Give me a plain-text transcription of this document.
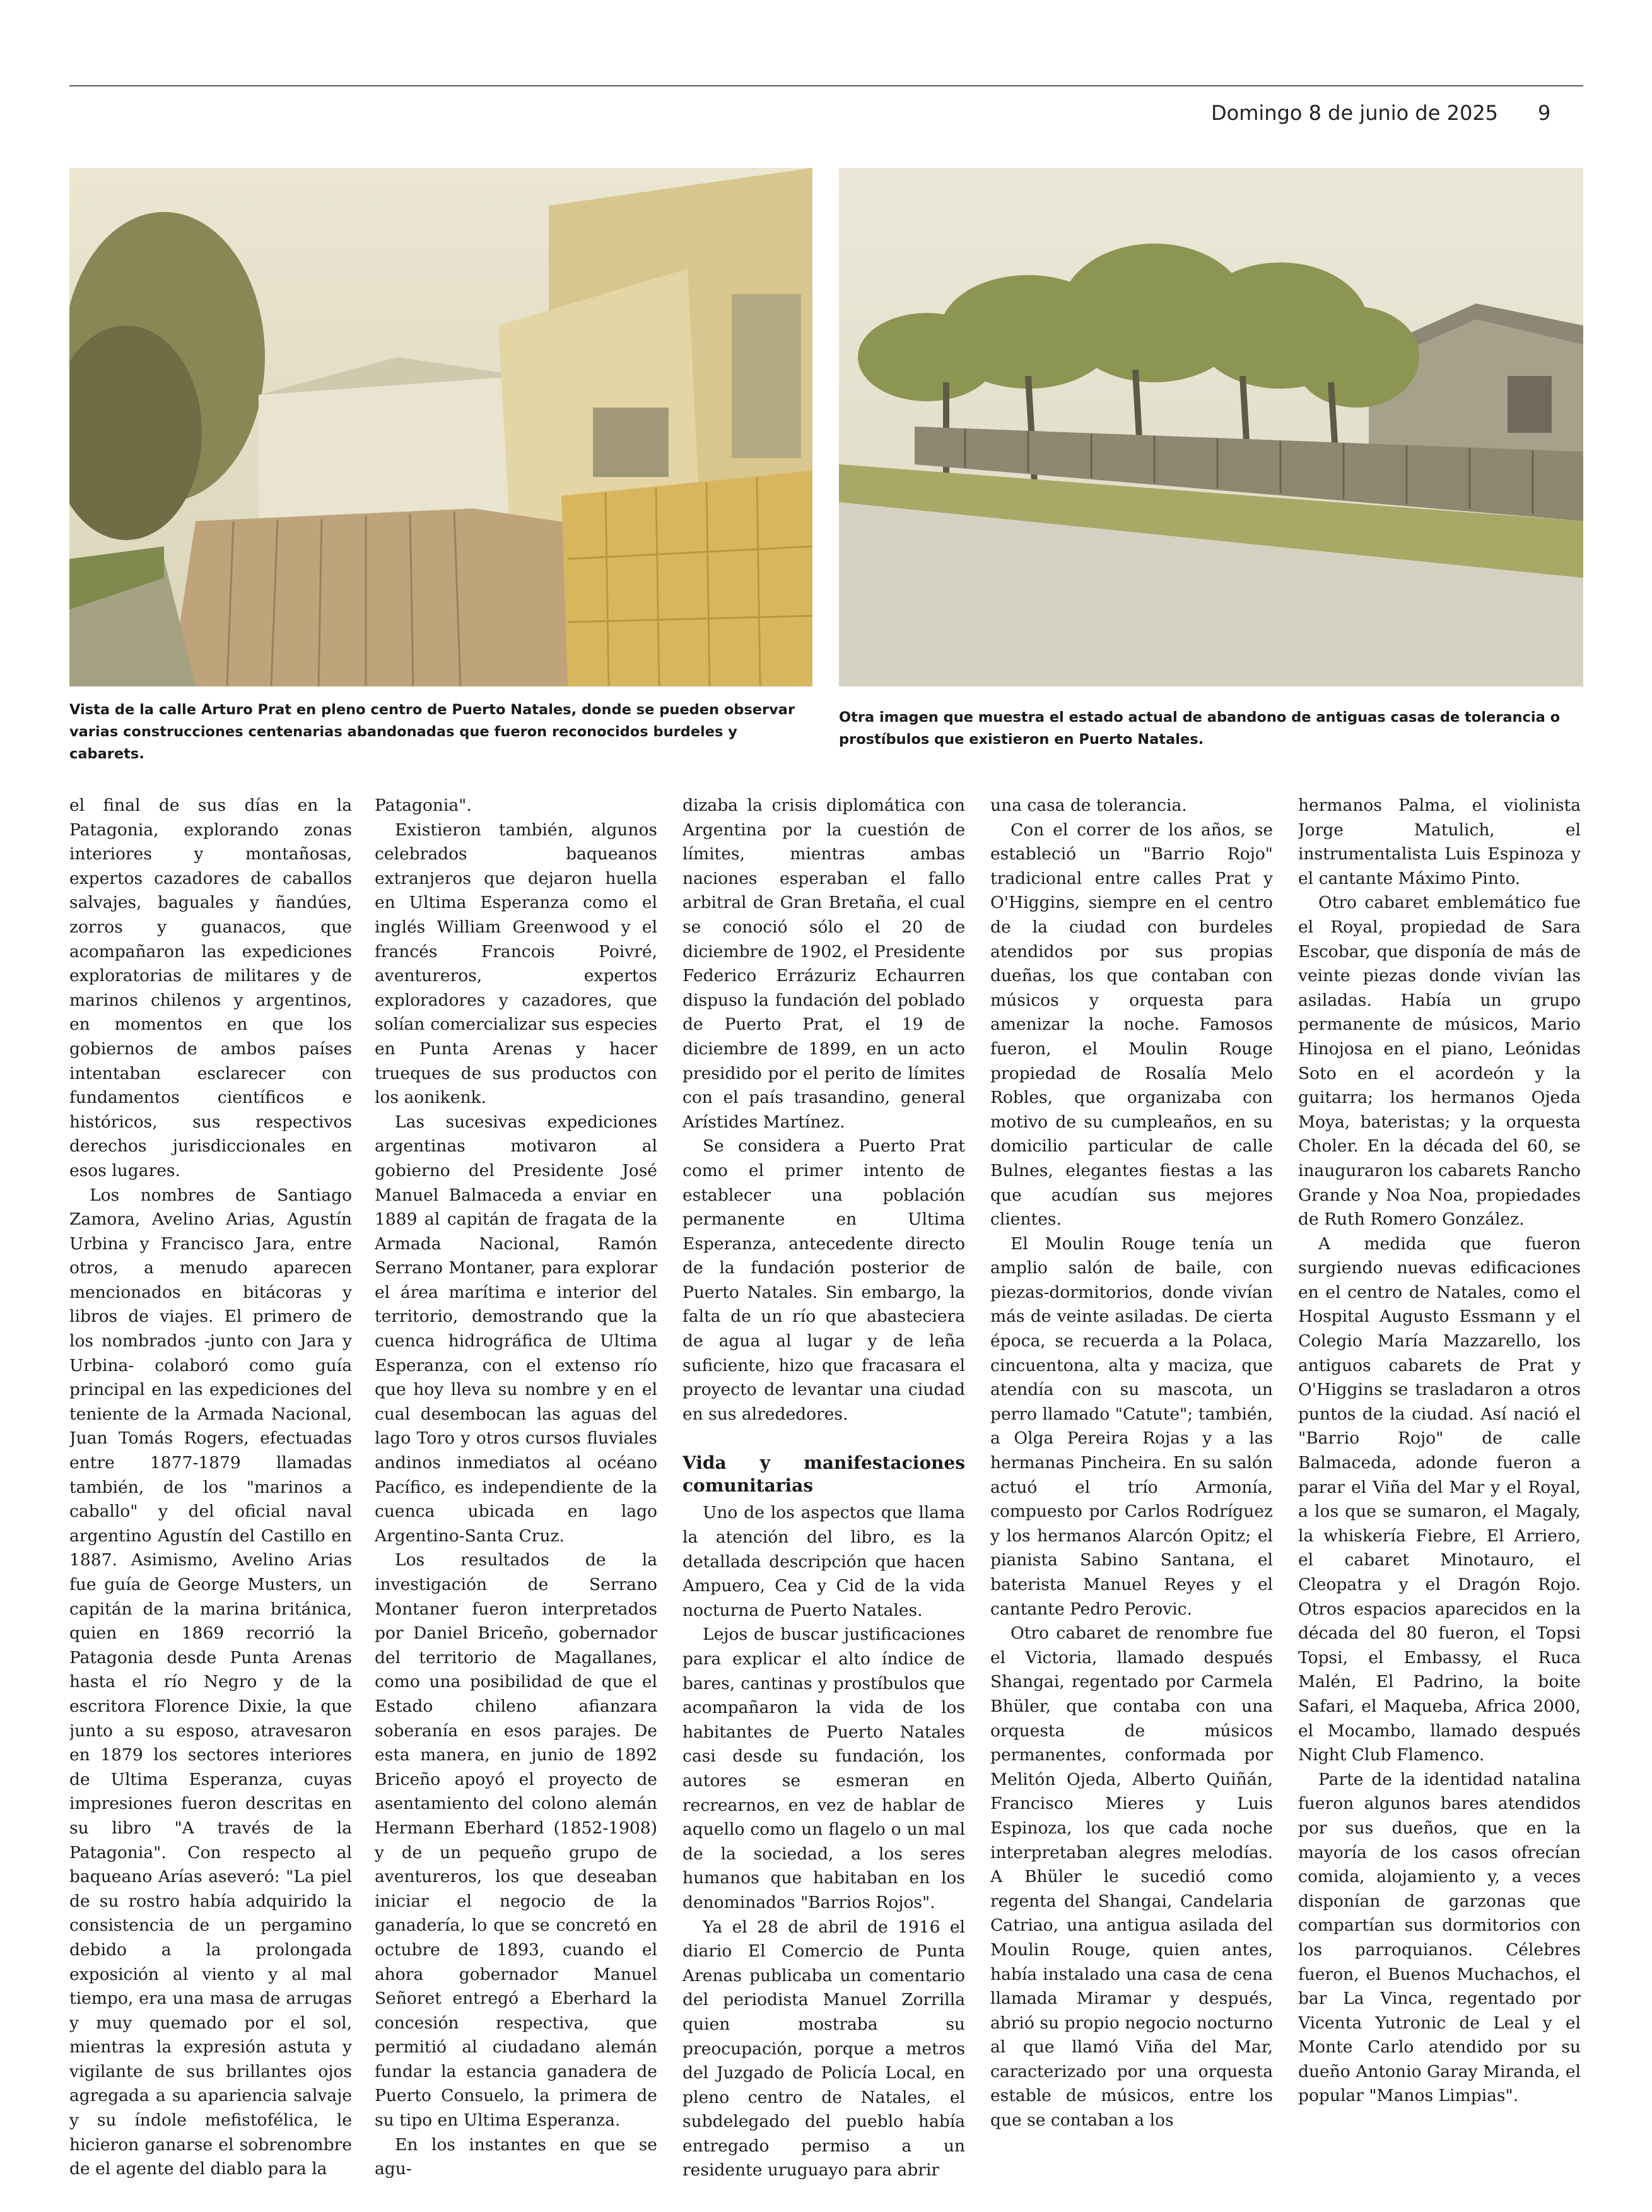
Domingo 8 de junio de 2025 9
Vista de la calle Arturo Prat en pleno centro de Puerto Natales, donde se pueden observar varias construcciones centenarias abandonadas que fueron reconocidos burdeles y cabarets.
Otra imagen que muestra el estado actual de abandono de antiguas casas de tolerancia o prostíbulos que existieron en Puerto Natales.

el final de sus días en la Patagonia, explorando zonas interiores y montañosas, expertos cazadores de caballos salvajes, baguales y ñandúes, zorros y guanacos, que acompañaron las expediciones exploratorias de militares y de marinos chilenos y argentinos, en momentos en que los gobiernos de ambos países intentaban esclarecer con fundamentos científicos e históricos, sus respectivos derechos jurisdiccionales en esos lugares.

Los nombres de Santiago Zamora, Avelino Arias, Agustín Urbina y Francisco Jara, entre otros, a menudo aparecen mencionados en bitácoras y libros de viajes. El primero de los nombrados -junto con Jara y Urbina- colaboró como guía principal en las expediciones del teniente de la Armada Nacional, Juan Tomás Rogers, efectuadas entre 1877-1879 llamadas también, de los "marinos a caballo" y del oficial naval argentino Agustín del Castillo en 1887. Asimismo, Avelino Arias fue guía de George Musters, un capitán de la marina británica, quien en 1869 recorrió la Patagonia desde Punta Arenas hasta el río Negro y de la escritora Florence Dixie, la que junto a su esposo, atravesaron en 1879 los sectores interiores de Ultima Esperanza, cuyas impresiones fueron descritas en su libro "A través de la Patagonia". Con respecto al baqueano Arías aseveró: "La piel de su rostro había adquirido la consistencia de un pergamino debido a la prolongada exposición al viento y al mal tiempo, era una masa de arrugas y muy quemado por el sol, mientras la expresión astuta y vigilante de sus brillantes ojos agregada a su apariencia salvaje y su índole mefistofélica, le hicieron ganarse el sobrenombre de el agente del diablo para la

Patagonia".

Existieron también, algunos celebrados baqueanos extranjeros que dejaron huella en Ultima Esperanza como el inglés William Greenwood y el francés Francois Poivré, aventureros, expertos exploradores y cazadores, que solían comercializar sus especies en Punta Arenas y hacer trueques de sus productos con los aonikenk.

Las sucesivas expediciones argentinas motivaron al gobierno del Presidente José Manuel Balmaceda a enviar en 1889 al capitán de fragata de la Armada Nacional, Ramón Serrano Montaner, para explorar el área marítima e interior del territorio, demostrando que la cuenca hidrográfica de Ultima Esperanza, con el extenso río que hoy lleva su nombre y en el cual desembocan las aguas del lago Toro y otros cursos fluviales andinos inmediatos al océano Pacífico, es independiente de la cuenca ubicada en lago Argentino-Santa Cruz.

Los resultados de la investigación de Serrano Montaner fueron interpretados por Daniel Briceño, gobernador del territorio de Magallanes, como una posibilidad de que el Estado chileno afianzara soberanía en esos parajes. De esta manera, en junio de 1892 Briceño apoyó el proyecto de asentamiento del colono alemán Hermann Eberhard (1852-1908) y de un pequeño grupo de aventureros, los que deseaban iniciar el negocio de la ganadería, lo que se concretó en octubre de 1893, cuando el ahora gobernador Manuel Señoret entregó a Eberhard la concesión respectiva, que permitió al ciudadano alemán fundar la estancia ganadera de Puerto Consuelo, la primera de su tipo en Ultima Esperanza.

En los instantes en que se agu-

dizaba la crisis diplomática con Argentina por la cuestión de límites, mientras ambas naciones esperaban el fallo arbitral de Gran Bretaña, el cual se conoció sólo el 20 de diciembre de 1902, el Presidente Federico Errázuriz Echaurren dispuso la fundación del poblado de Puerto Prat, el 19 de diciembre de 1899, en un acto presidido por el perito de límites con el país trasandino, general Arístides Martínez.

Se considera a Puerto Prat como el primer intento de establecer una población permanente en Ultima Esperanza, antecedente directo de la fundación posterior de Puerto Natales. Sin embargo, la falta de un río que abasteciera de agua al lugar y de leña suficiente, hizo que fracasara el proyecto de levantar una ciudad en sus alrededores.

Vida y manifestaciones comunitarias

Uno de los aspectos que llama la atención del libro, es la detallada descripción que hacen Ampuero, Cea y Cid de la vida nocturna de Puerto Natales.

Lejos de buscar justificaciones para explicar el alto índice de bares, cantinas y prostíbulos que acompañaron la vida de los habitantes de Puerto Natales casi desde su fundación, los autores se esmeran en recrearnos, en vez de hablar de aquello como un flagelo o un mal de la sociedad, a los seres humanos que habitaban en los denominados "Barrios Rojos".

Ya el 28 de abril de 1916 el diario El Comercio de Punta Arenas publicaba un comentario del periodista Manuel Zorrilla quien mostraba su preocupación, porque a metros del Juzgado de Policía Local, en pleno centro de Natales, el subdelegado del pueblo había entregado permiso a un residente uruguayo para abrir

una casa de tolerancia.

Con el correr de los años, se estableció un "Barrio Rojo" tradicional entre calles Prat y O'Higgins, siempre en el centro de la ciudad con burdeles atendidos por sus propias dueñas, los que contaban con músicos y orquesta para amenizar la noche. Famosos fueron, el Moulin Rouge propiedad de Rosalía Melo Robles, que organizaba con motivo de su cumpleaños, en su domicilio particular de calle Bulnes, elegantes fiestas a las que acudían sus mejores clientes.

El Moulin Rouge tenía un amplio salón de baile, con piezas-dormitorios, donde vivían más de veinte asiladas. De cierta época, se recuerda a la Polaca, cincuentona, alta y maciza, que atendía con su mascota, un perro llamado "Catute"; también, a Olga Pereira Rojas y a las hermanas Pincheira. En su salón actuó el trío Armonía, compuesto por Carlos Rodríguez y los hermanos Alarcón Opitz; el pianista Sabino Santana, el baterista Manuel Reyes y el cantante Pedro Perovic.

Otro cabaret de renombre fue el Victoria, llamado después Shangai, regentado por Carmela Bhüler, que contaba con una orquesta de músicos permanentes, conformada por Melitón Ojeda, Alberto Quiñán, Francisco Mieres y Luis Espinoza, los que cada noche interpretaban alegres melodías. A Bhüler le sucedió como regenta del Shangai, Candelaria Catriao, una antigua asilada del Moulin Rouge, quien antes, había instalado una casa de cena llamada Miramar y después, abrió su propio negocio nocturno al que llamó Viña del Mar, caracterizado por una orquesta estable de músicos, entre los que se contaban a los

hermanos Palma, el violinista Jorge Matulich, el instrumentalista Luis Espinoza y el cantante Máximo Pinto.

Otro cabaret emblemático fue el Royal, propiedad de Sara Escobar, que disponía de más de veinte piezas donde vivían las asiladas. Había un grupo permanente de músicos, Mario Hinojosa en el piano, Leónidas Soto en el acordeón y la guitarra; los hermanos Ojeda Moya, bateristas; y la orquesta Choler. En la década del 60, se inauguraron los cabarets Rancho Grande y Noa Noa, propiedades de Ruth Romero González.

A medida que fueron surgiendo nuevas edificaciones en el centro de Natales, como el Hospital Augusto Essmann y el Colegio María Mazzarello, los antiguos cabarets de Prat y O'Higgins se trasladaron a otros puntos de la ciudad. Así nació el "Barrio Rojo" de calle Balmaceda, adonde fueron a parar el Viña del Mar y el Royal, a los que se sumaron, el Magaly, la whiskería Fiebre, El Arriero, el cabaret Minotauro, el Cleopatra y el Dragón Rojo. Otros espacios aparecidos en la década del 80 fueron, el Topsi Topsi, el Embassy, el Ruca Malén, El Padrino, la boite Safari, el Maqueba, Africa 2000, el Mocambo, llamado después Night Club Flamenco.

Parte de la identidad natalina fueron algunos bares atendidos por sus dueños, que en la mayoría de los casos ofrecían comida, alojamiento y, a veces disponían de garzonas que compartían sus dormitorios con los parroquianos. Célebres fueron, el Buenos Muchachos, el bar La Vinca, regentado por Vicenta Yutronic de Leal y el Monte Carlo atendido por su dueño Antonio Garay Miranda, el popular "Manos Limpias".
